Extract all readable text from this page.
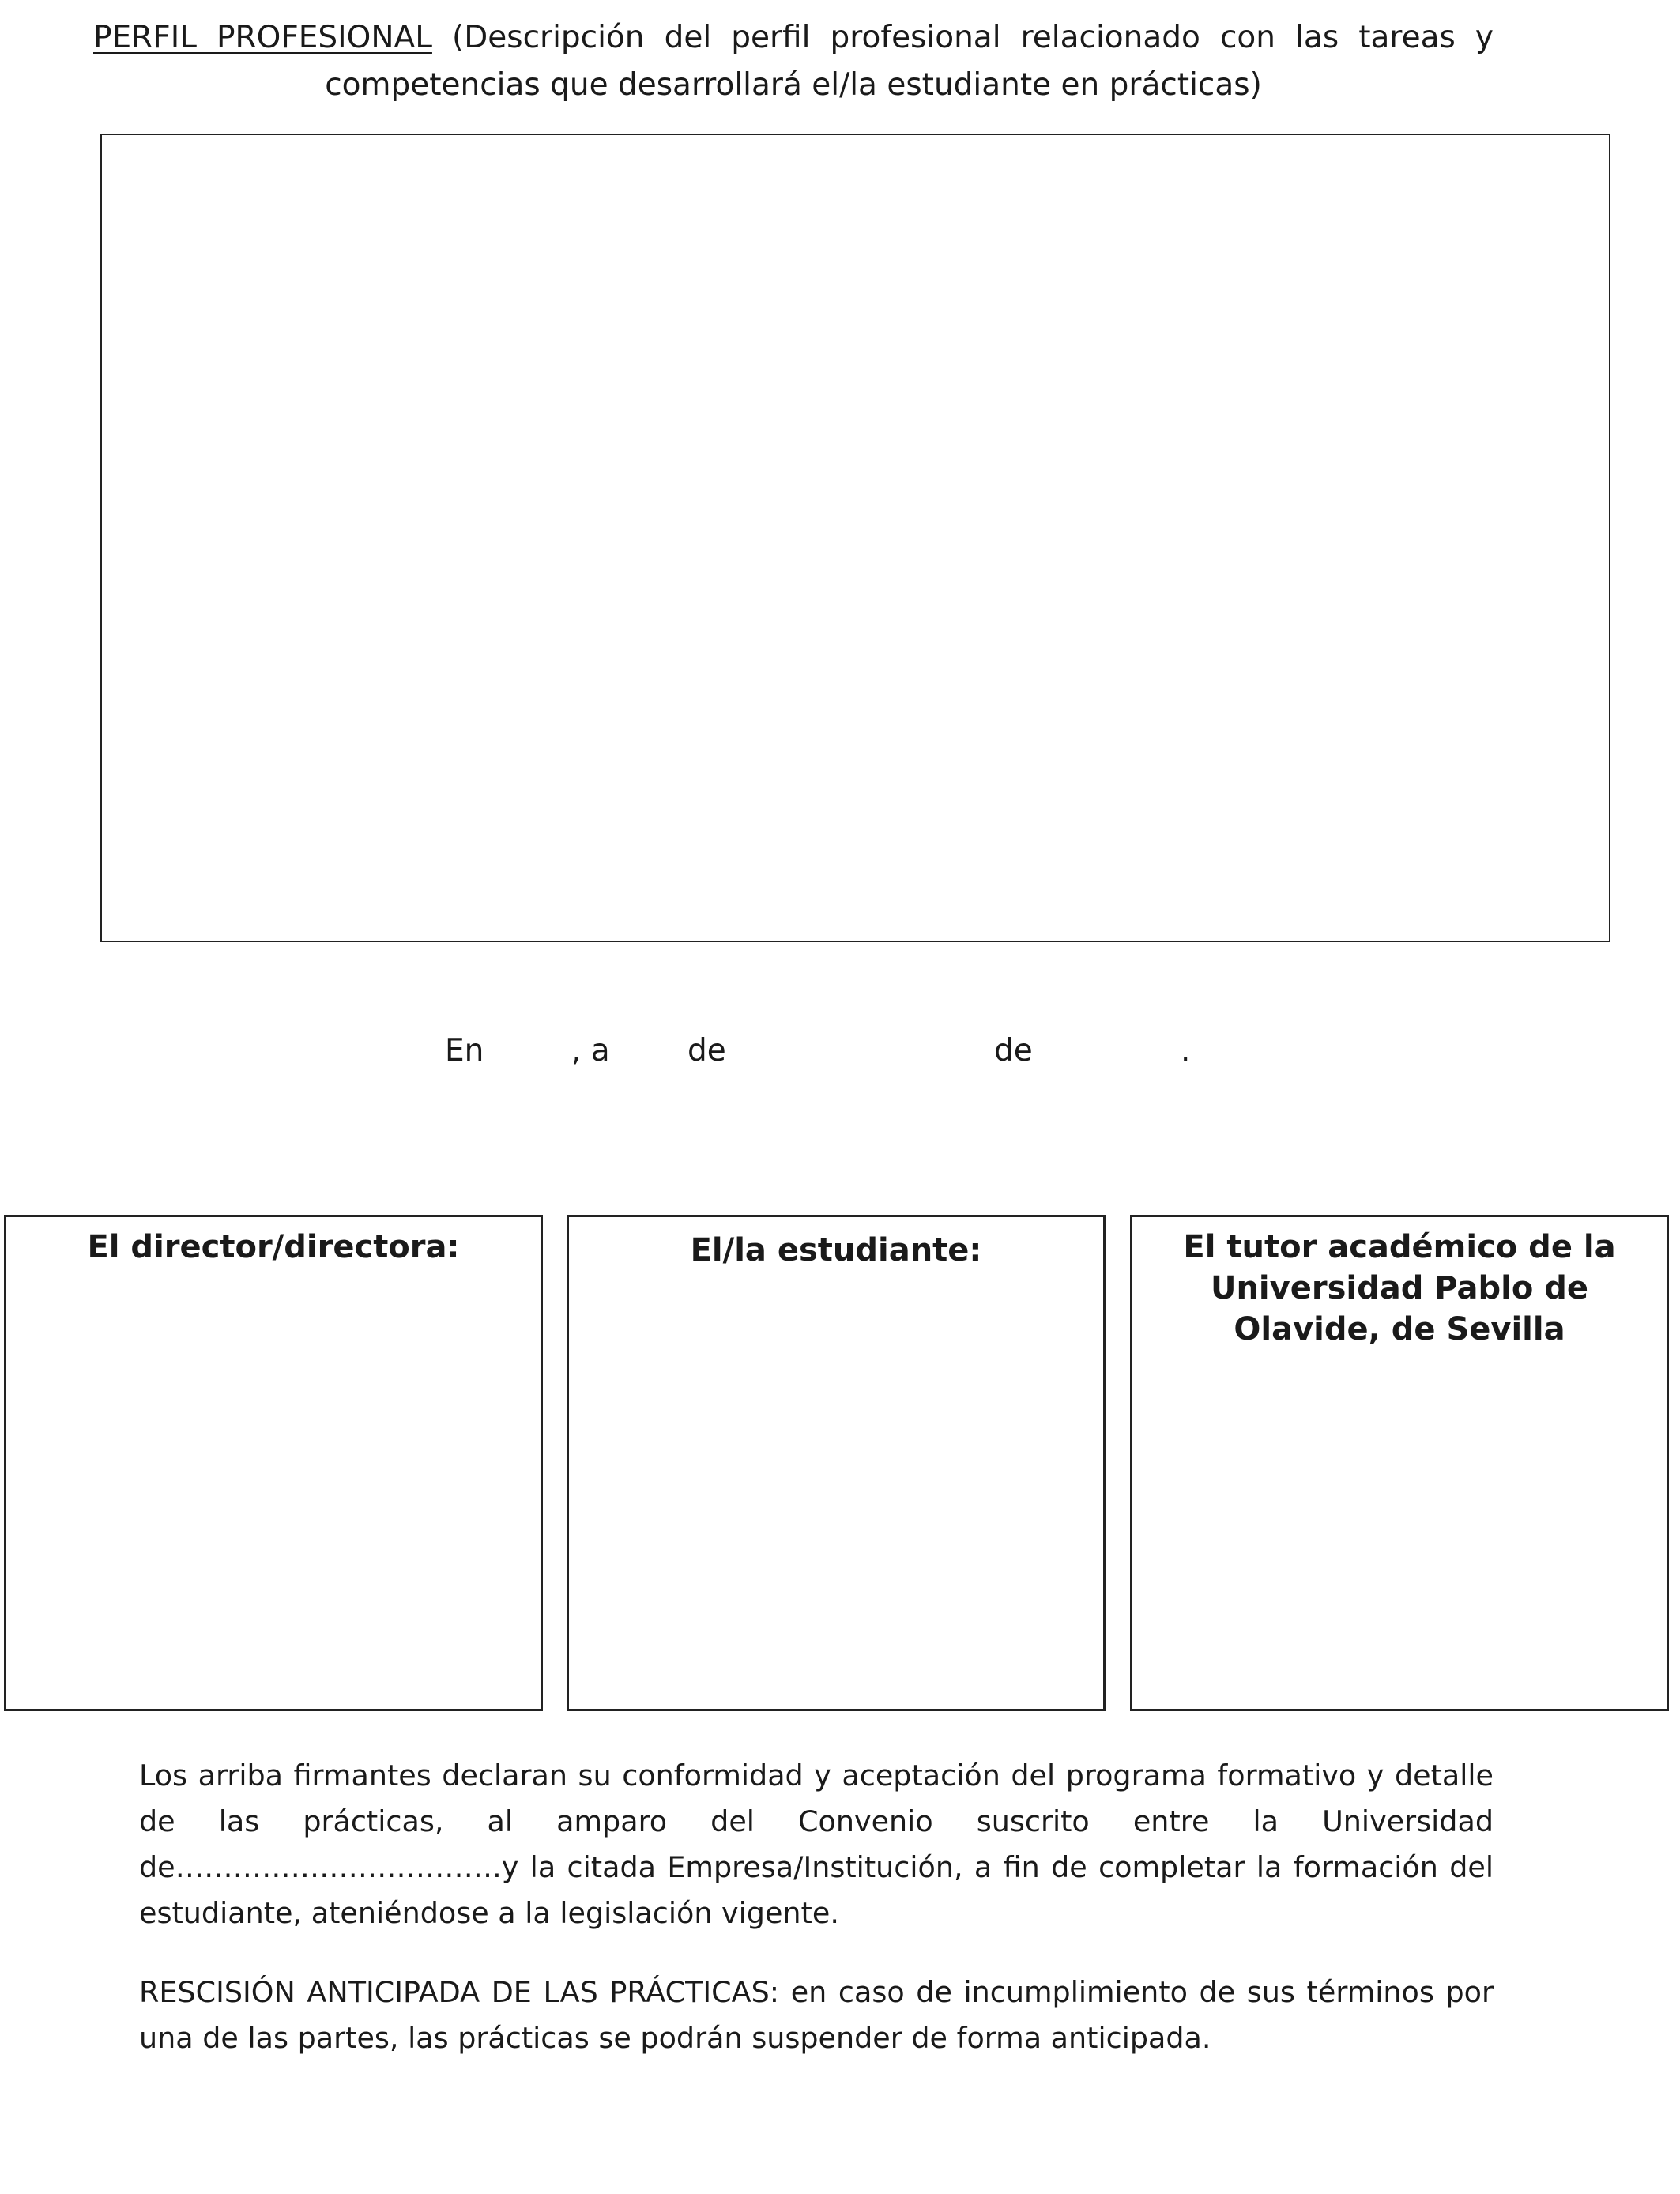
PERFIL PROFESIONAL (Descripción del perfil profesional relacionado con las tareas y competencias que desarrollará el/la estudiante en prácticas)
En	, a	de	de	.
El director/directora:	El/la estudiante:	El tutor académico de la Universidad Pablo de Olavide, de Sevilla
Los arriba firmantes declaran su conformidad y aceptación del programa formativo y detalle de las prácticas, al amparo del Convenio suscrito entre la Universidad de…………………………….y la citada Empresa/Institución, a fin de completar la formación del estudiante, ateniéndose a la legislación vigente.
RESCISIÓN ANTICIPADA DE LAS PRÁCTICAS: en caso de incumplimiento de sus términos por una de las partes, las prácticas se podrán suspender de forma anticipada.
